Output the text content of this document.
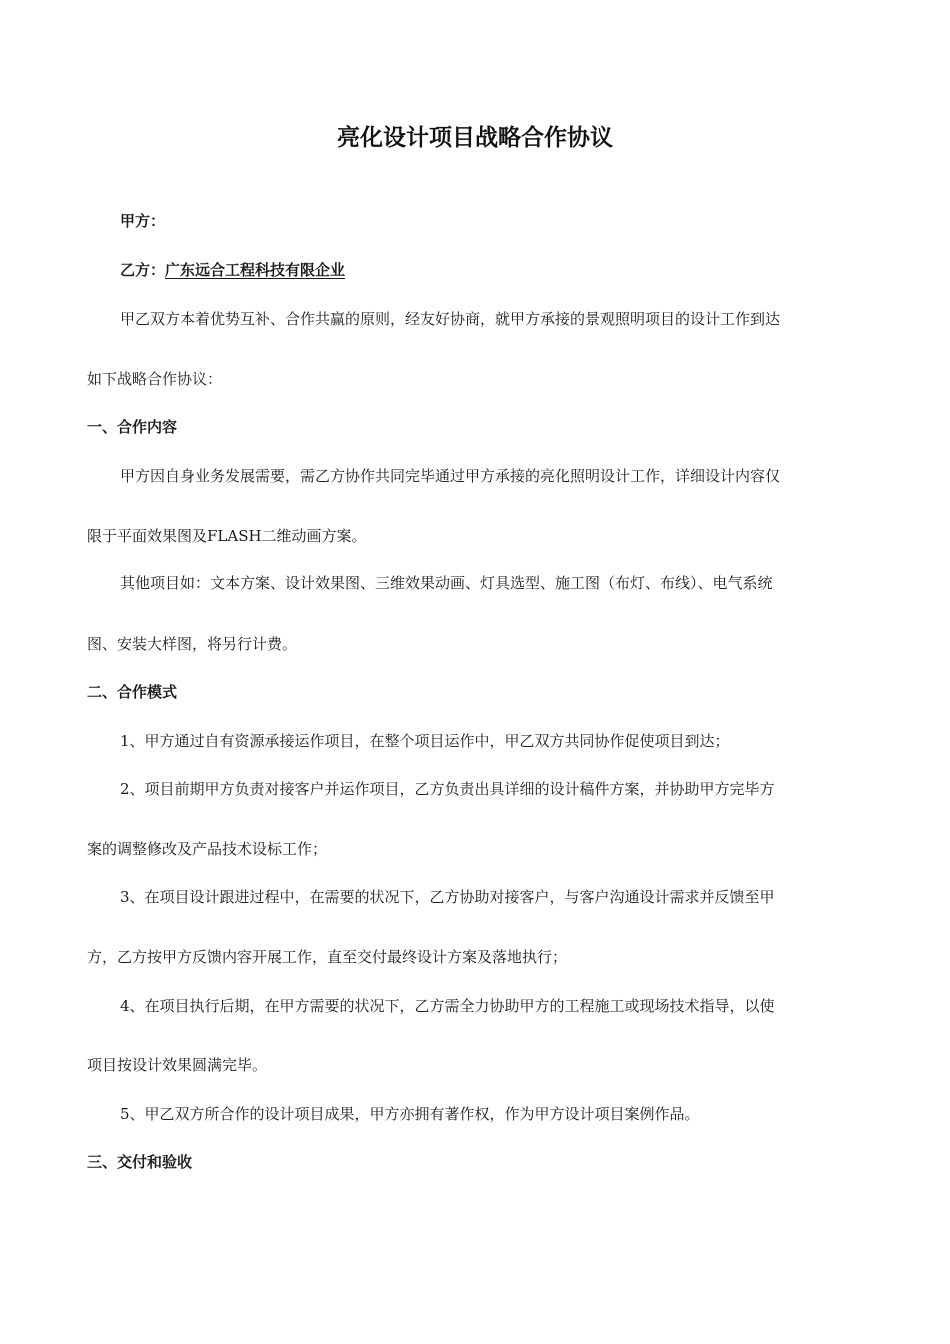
亮化设计项目战略合作协议
甲方：
乙方：广东远合工程科技有限企业
甲乙双方本着优势互补、合作共赢的原则，经友好协商，就甲方承接的景观照明项目的设计工作到达
如下战略合作协议：
一、合作内容
甲方因自身业务发展需要，需乙方协作共同完毕通过甲方承接的亮化照明设计工作，详细设计内容仅
限于平面效果图及FLASH二维动画方案。
其他项目如：文本方案、设计效果图、三维效果动画、灯具选型、施工图（布灯、布线）、电气系统
图、安装大样图，将另行计费。
二、合作模式
1、甲方通过自有资源承接运作项目，在整个项目运作中，甲乙双方共同协作促使项目到达；
2、项目前期甲方负责对接客户并运作项目，乙方负责出具详细的设计稿件方案，并协助甲方完毕方
案的调整修改及产品技术设标工作；
3、在项目设计跟进过程中，在需要的状况下，乙方协助对接客户，与客户沟通设计需求并反馈至甲
方，乙方按甲方反馈内容开展工作，直至交付最终设计方案及落地执行；
4、在项目执行后期，在甲方需要的状况下，乙方需全力协助甲方的工程施工或现场技术指导，以使
项目按设计效果圆满完毕。
5、甲乙双方所合作的设计项目成果，甲方亦拥有著作权，作为甲方设计项目案例作品。
三、交付和验收
